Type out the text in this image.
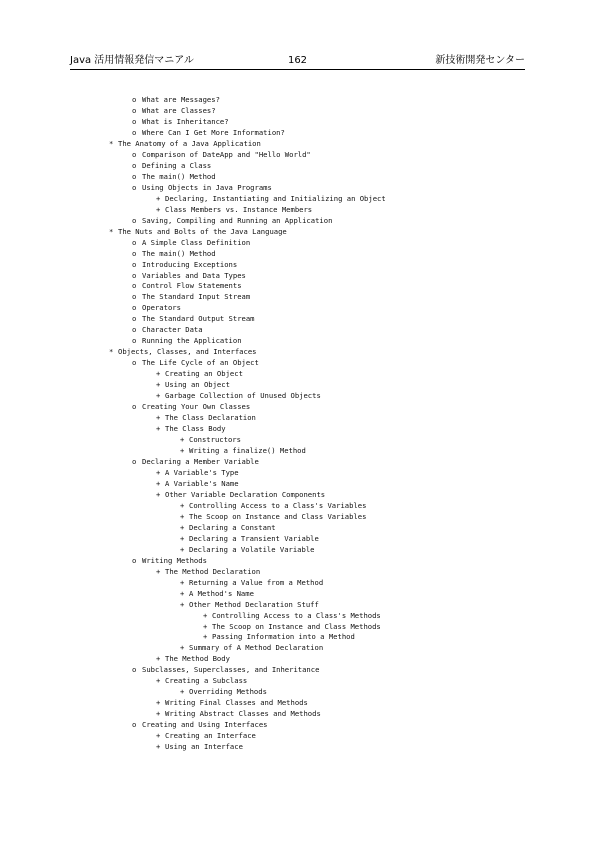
Java 活用情報発信マニアル	162	新技術開発センター
o What are Messages?
o What are Classes?
o What is Inheritance?
o Where Can I Get More Information?
* The Anatomy of a Java Application
o Comparison of DateApp and "Hello World"
o Defining a Class
o The main() Method
o Using Objects in Java Programs
+ Declaring, Instantiating and Initializing an Object
+ Class Members vs. Instance Members
o Saving, Compiling and Running an Application
* The Nuts and Bolts of the Java Language
o A Simple Class Definition
o The main() Method
o Introducing Exceptions
o Variables and Data Types
o Control Flow Statements
o The Standard Input Stream
o Operators
o The Standard Output Stream
o Character Data
o Running the Application
* Objects, Classes, and Interfaces
o The Life Cycle of an Object
+ Creating an Object
+ Using an Object
+ Garbage Collection of Unused Objects
o Creating Your Own Classes
+ The Class Declaration
+ The Class Body
+ Constructors
+ Writing a finalize() Method
o Declaring a Member Variable
+ A Variable's Type
+ A Variable's Name
+ Other Variable Declaration Components
+ Controlling Access to a Class's Variables
+ The Scoop on Instance and Class Variables
+ Declaring a Constant
+ Declaring a Transient Variable
+ Declaring a Volatile Variable
o Writing Methods
+ The Method Declaration
+ Returning a Value from a Method
+ A Method's Name
+ Other Method Declaration Stuff
+ Controlling Access to a Class's Methods
+ The Scoop on Instance and Class Methods
+ Passing Information into a Method
+ Summary of A Method Declaration
+ The Method Body
o Subclasses, Superclasses, and Inheritance
+ Creating a Subclass
+ Overriding Methods
+ Writing Final Classes and Methods
+ Writing Abstract Classes and Methods
o Creating and Using Interfaces
+ Creating an Interface
+ Using an Interface
